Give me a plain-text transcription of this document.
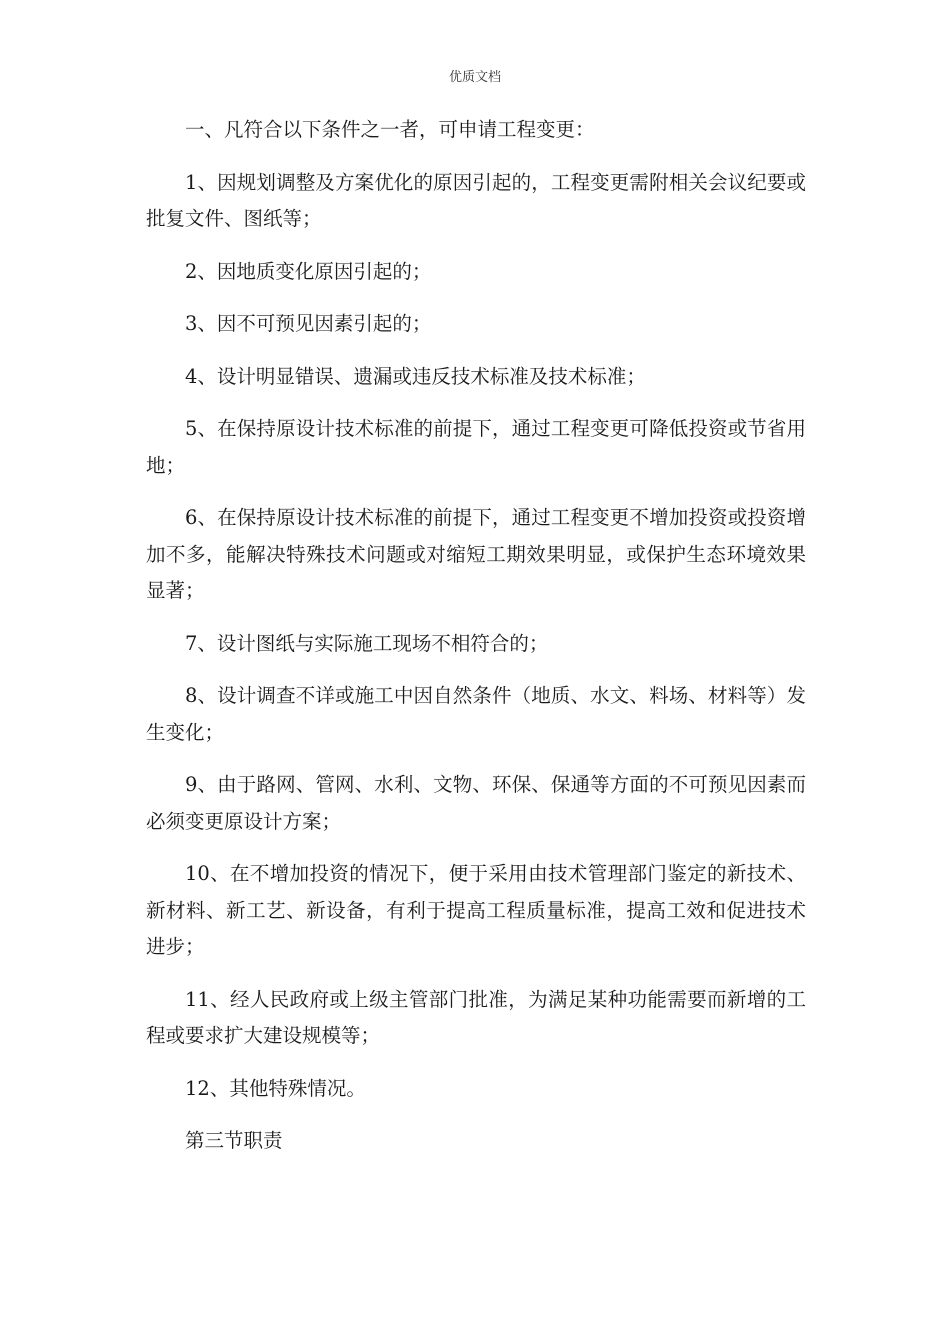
优质文档

一、凡符合以下条件之一者，可申请工程变更：

1、因规划调整及方案优化的原因引起的，工程变更需附相关会议纪要或批复文件、图纸等；

2、因地质变化原因引起的；

3、因不可预见因素引起的；

4、设计明显错误、遗漏或违反技术标准及技术标准；

5、在保持原设计技术标准的前提下，通过工程变更可降低投资或节省用地；

6、在保持原设计技术标准的前提下，通过工程变更不增加投资或投资增加不多，能解决特殊技术问题或对缩短工期效果明显，或保护生态环境效果显著；

7、设计图纸与实际施工现场不相符合的；

8、设计调查不详或施工中因自然条件（地质、水文、料场、材料等）发生变化；

9、由于路网、管网、水利、文物、环保、保通等方面的不可预见因素而必须变更原设计方案；

10、在不增加投资的情况下，便于采用由技术管理部门鉴定的新技术、新材料、新工艺、新设备，有利于提高工程质量标准，提高工效和促进技术进步；

11、经人民政府或上级主管部门批准，为满足某种功能需要而新增的工程或要求扩大建设规模等；

12、其他特殊情况。

第三节职责
